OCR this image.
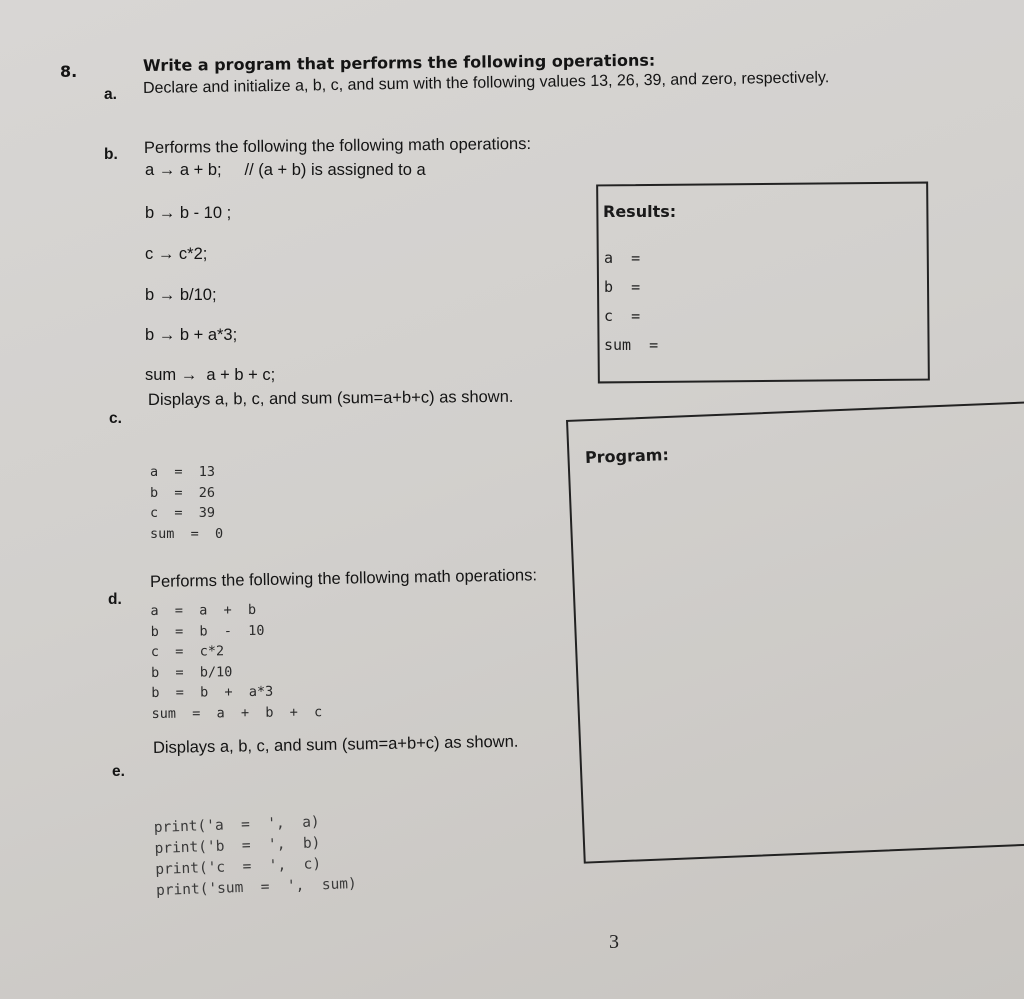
8.	Write a program that performs the following operations:
a. Declare and initialize a, b, c, and sum with the following values 13, 26, 39, and zero, respectively.
b. Performs the following the following math operations:
a → a + b;     // (a + b) is assigned to a
b → b - 10 ;
c → c*2;
b → b/10;
b → b + a*3;
sum →  a + b + c;
c.
Displays a, b, c, and sum (sum=a+b+c) as shown.
a  =  13
b  =  26
c  =  39
sum  =  0
d.
Performs the following the following math operations:
a  =  a  +  b
b  =  b  -  10
c  =  c*2
b  =  b/10
b  =  b  +  a*3
sum  =  a  +  b  +  c
e.
Displays a, b, c, and sum (sum=a+b+c) as shown.
print('a  =  ',  a)
print('b  =  ',  b)
print('c  =  ',  c)
print('sum  =  ',  sum)
Results:
a  =
b  =
c  =
sum  =
Program:
3
